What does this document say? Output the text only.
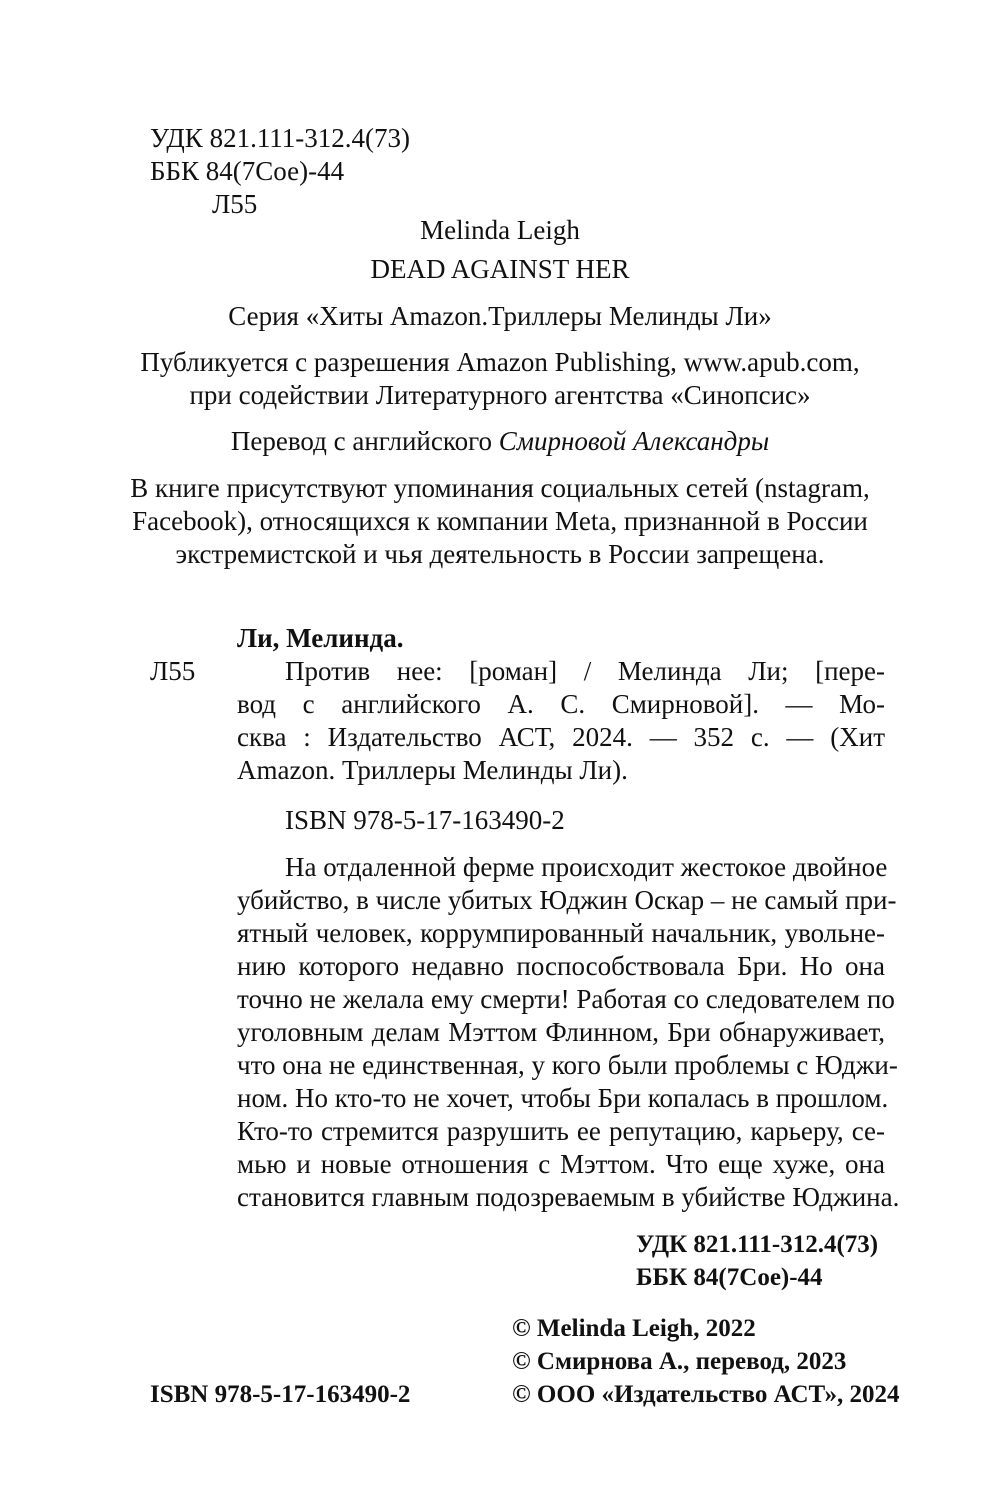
УДК 821.111-312.4(73)
ББК 84(7Сое)-44
Л55
Melinda Leigh
DEAD AGAINST HER
Серия «Хиты Amazon.Триллеры Мелинды Ли»
Публикуется с разрешения Amazon Publishing, www.apub.com,
при содействии Литературного агентства «Синопсис»
Перевод с английского Смирновой Александры
В книге присутствуют упоминания социальных сетей (nstagram,
Facebook), относящихся к компании Meta, признанной в России
экстремистской и чья деятельность в России запрещена.
Ли, Мелинда.
Л55	Против нее: [роман] / Мелинда Ли; [пере-
вод с английского А. С. Смирновой]. — Мо-
сква : Издательство АСТ, 2024. — 352 с. — (Хит
Amazon. Триллеры Мелинды Ли).
ISBN 978-5-17-163490-2
На отдаленной ферме происходит жестокое двойное
убийство, в числе убитых Юджин Оскар – не самый при-
ятный человек, коррумпированный начальник, увольне-
нию которого недавно поспособствовала Бри. Но она
точно не желала ему смерти! Работая со следователем по
уголовным делам Мэттом Флинном, Бри обнаруживает,
что она не единственная, у кого были проблемы с Юджи-
ном. Но кто-то не хочет, чтобы Бри копалась в прошлом.
Кто-то стремится разрушить ее репутацию, карьеру, се-
мью и новые отношения с Мэттом. Что еще хуже, она
становится главным подозреваемым в убийстве Юджина.
УДК 821.111-312.4(73)
ББК 84(7Сое)-44
© Melinda Leigh, 2022
© Смирнова А., перевод, 2023
© ООО «Издательство АСТ», 2024
ISBN 978-5-17-163490-2
